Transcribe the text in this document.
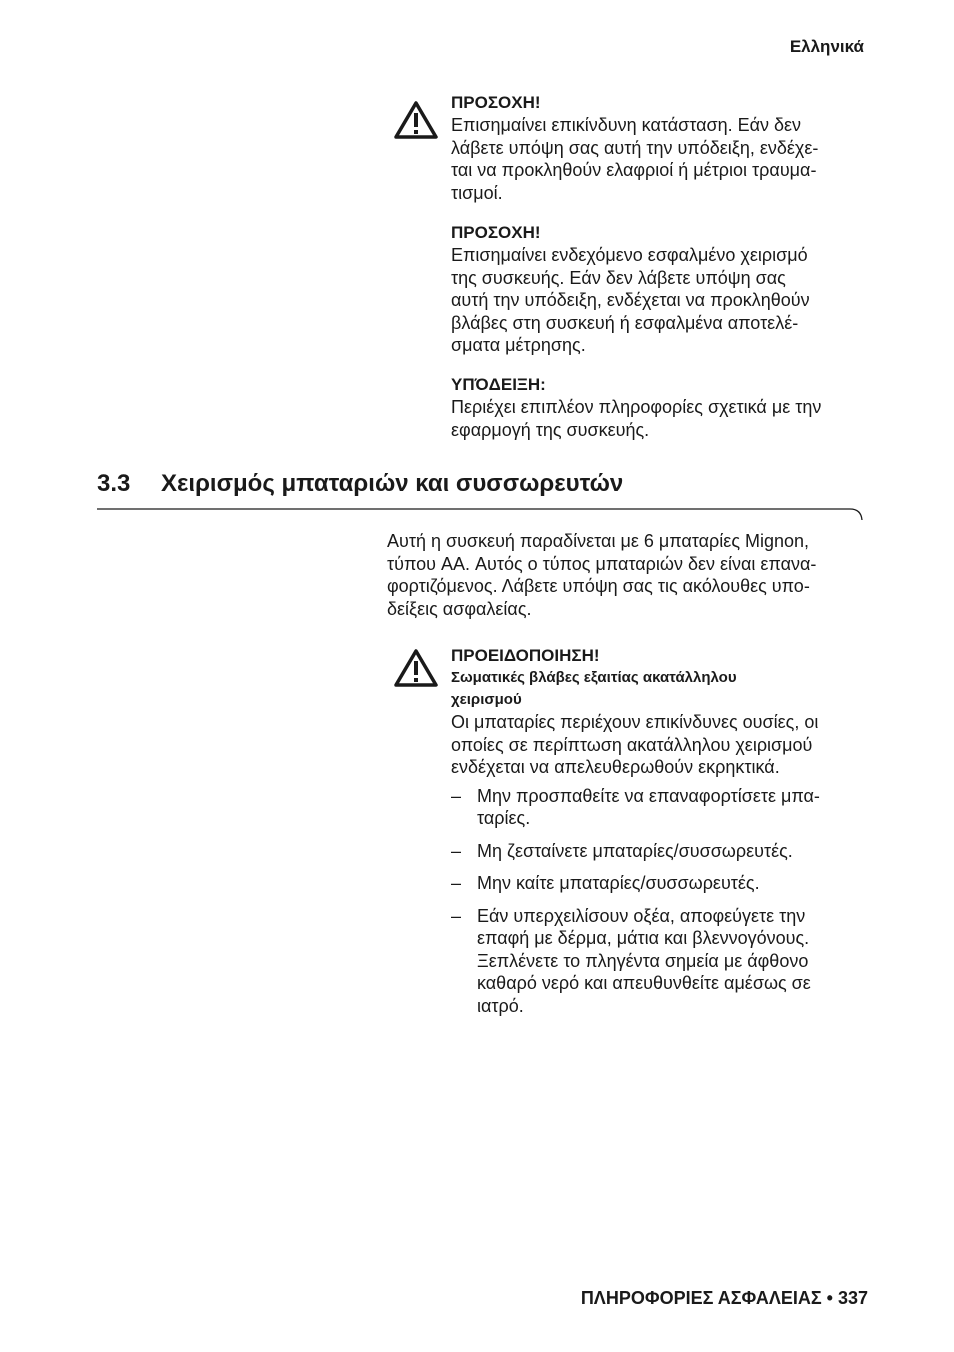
Ελληνικά
ΠΡΟΣΟΧΗ!
Επισημαίνει επικίνδυνη κατάσταση. Εάν δεν
λάβετε υπόψη σας αυτή την υπόδειξη, ενδέχε-
ται να προκληθούν ελαφριοί ή μέτριοι τραυμα-
τισμοί.
ΠΡΟΣΟΧΗ!
Επισημαίνει ενδεχόμενο εσφαλμένο χειρισμό
της συσκευής. Εάν δεν λάβετε υπόψη σας
αυτή την υπόδειξη, ενδέχεται να προκληθούν
βλάβες στη συσκευή ή εσφαλμένα αποτελέ-
σματα μέτρησης.
ΥΠΌΔΕΙΞΗ:
Περιέχει επιπλέον πληροφορίες σχετικά με την
εφαρμογή της συσκευής.
3.3 Χειρισμός μπαταριών και συσσωρευτών
Αυτή η συσκευή παραδίνεται με 6 μπαταρίες Mignon,
τύπου AA. Αυτός ο τύπος μπαταριών δεν είναι επανα-
φορτιζόμενος. Λάβετε υπόψη σας τις ακόλουθες υπο-
δείξεις ασφαλείας.
ΠΡΟΕΙΔΟΠΟΙΗΣΗ!
Σωματικές βλάβες εξαιτίας ακατάλληλου
χειρισμού
Οι μπαταρίες περιέχουν επικίνδυνες ουσίες, οι
οποίες σε περίπτωση ακατάλληλου χειρισμού
ενδέχεται να απελευθερωθούν εκρηκτικά.
– Μην προσπαθείτε να επαναφορτίσετε μπα-
ταρίες.
– Μη ζεσταίνετε μπαταρίες/συσσωρευτές.
– Μην καίτε μπαταρίες/συσσωρευτές.
– Εάν υπερχειλίσουν οξέα, αποφεύγετε την
επαφή με δέρμα, μάτια και βλεννογόνους.
Ξεπλένετε το πληγέντα σημεία με άφθονο
καθαρό νερό και απευθυνθείτε αμέσως σε
ιατρό.
ΠΛΗΡΟΦΟΡΙΕΣ ΑΣΦΑΛΕΙΑΣ • 337
